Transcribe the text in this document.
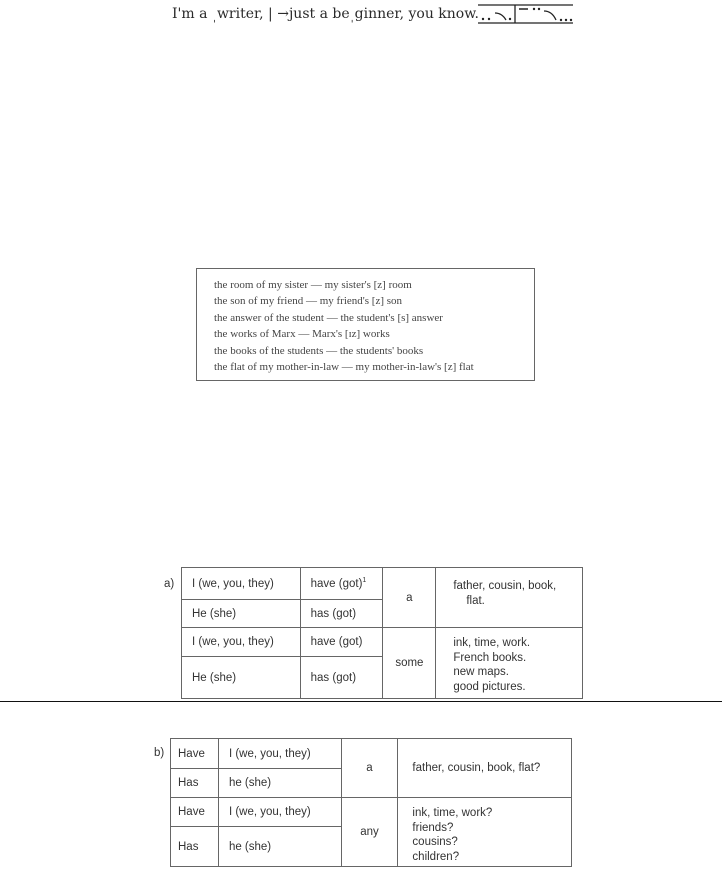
I'm a $_ˌ$writer, | →just a $be_ˌginner$, you know.
the room of my sister — my sister's [z] room
the son of my friend — my friend's [z] son
the answer of the student — the student's [s] answer
the works of Marx — Marx's [ɪz] works
the books of the students — the students' books
the flat of my mother-in-law — my mother-in-law's [z] flat
a) I (we, you, they)	have (got)$^1$	a	father, cousin, book,
flat.

He (she)	has (got)		
I (we, you, they)	have (got)	some	ink, time, work.
French books.
new maps.
good pictures.

He (she)	has (got)		
b) Have	I (we, you, they)	a	father, cousin, book, flat?
Has	he (she)		
Have	I (we, you, they)	any	ink, time, work?
friends?
cousins?
children?

Has	he (she)		
